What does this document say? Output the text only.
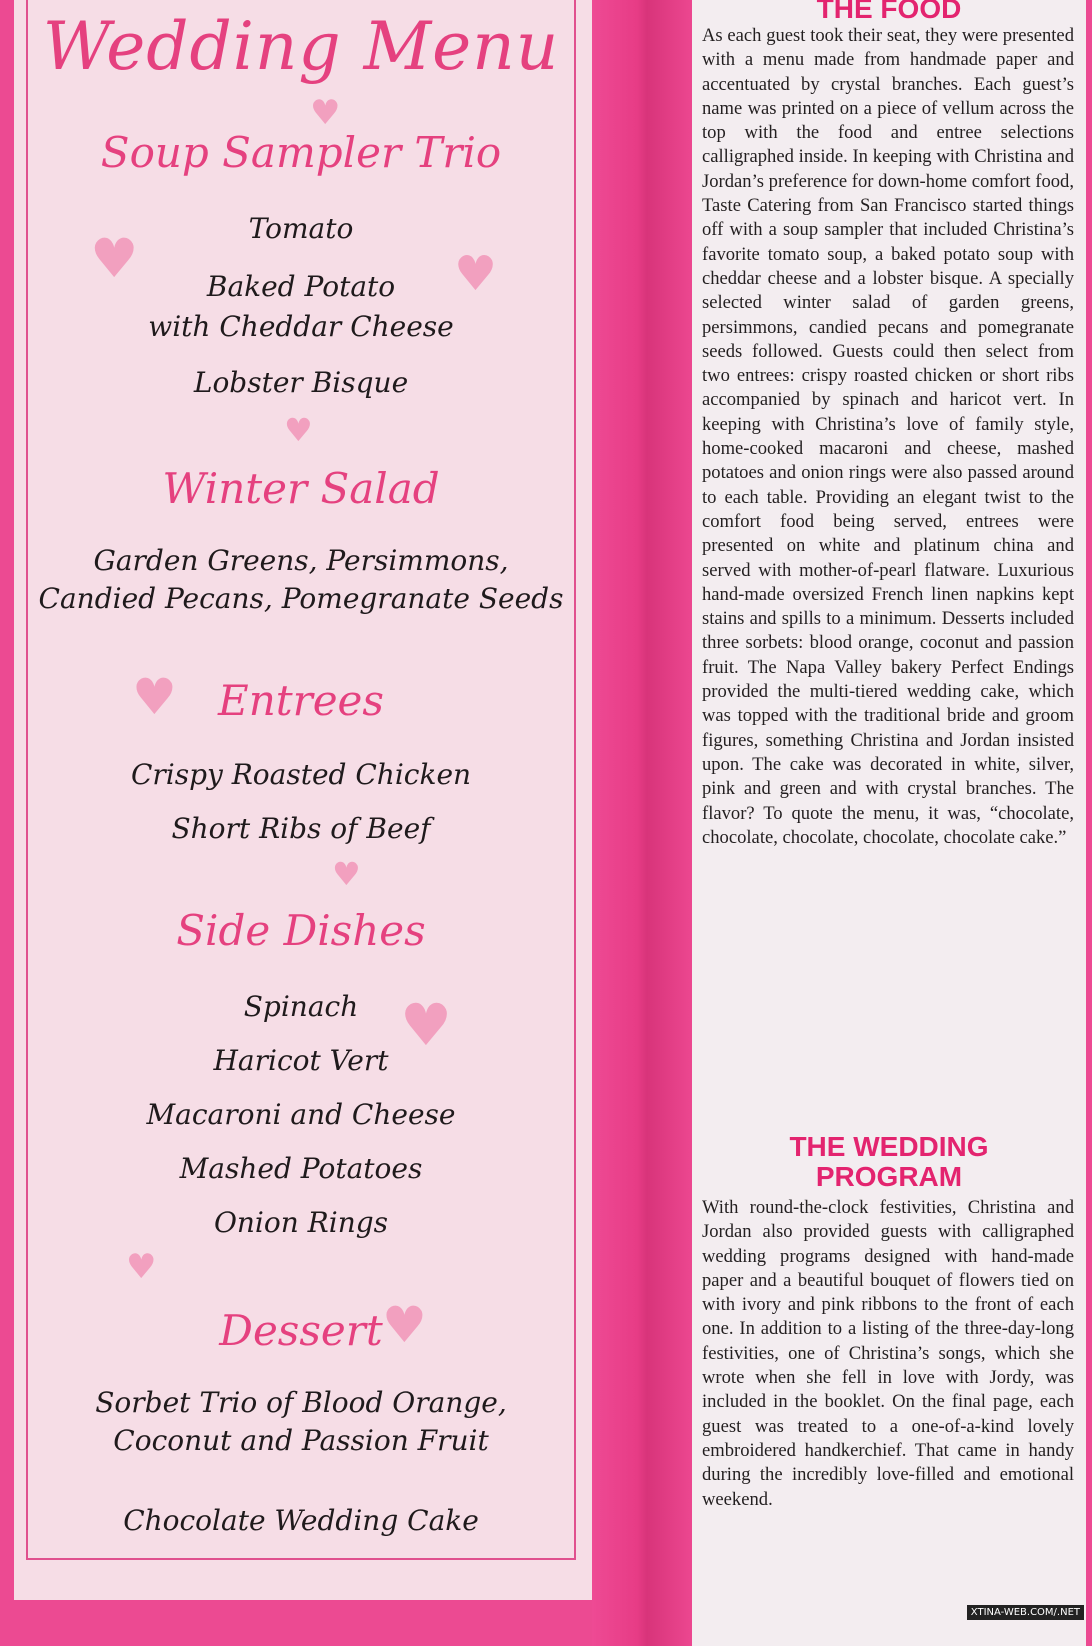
Wedding Menu
Soup Sampler Trio
Tomato
Baked Potato
with Cheddar Cheese
Lobster Bisque
Winter Salad
Garden Greens, Persimmons,
Candied Pecans, Pomegranate Seeds
Entrees
Crispy Roasted Chicken
Short Ribs of Beef
Side Dishes
Spinach
Haricot Vert
Macaroni and Cheese
Mashed Potatoes
Onion Rings
Dessert
Sorbet Trio of Blood Orange,
Coconut and Passion Fruit
Chocolate Wedding Cake
♥
♥	♥
♥
♥
♥
♥
♥
♥
THE FOOD
As each guest took their seat, they were presented with a menu made from handmade paper and accentuated by crystal branches. Each guest’s name was printed on a piece of vellum across the top with the food and entree selections calligraphed inside. In keeping with Christina and Jordan’s preference for down-home comfort food, Taste Catering from San Francisco started things off with a soup sampler that included Christina’s favorite tomato soup, a baked potato soup with cheddar cheese and a lobster bisque. A specially selected winter salad of garden greens, persimmons, candied pecans and pomegranate seeds followed. Guests could then select from two entrees: crispy roasted chicken or short ribs accompanied by spinach and haricot vert. In keeping with Christina’s love of family style, home-cooked macaroni and cheese, mashed potatoes and onion rings were also passed around to each table. Providing an elegant twist to the comfort food being served, entrees were presented on white and platinum china and served with mother-of-pearl flatware. Luxurious hand-made oversized French linen napkins kept stains and spills to a minimum. Desserts included three sorbets: blood orange, coconut and passion fruit. The Napa Valley bakery Perfect Endings provided the multi-tiered wedding cake, which was topped with the traditional bride and groom figures, something Christina and Jordan insisted upon. The cake was decorated in white, silver, pink and green and with crystal branches. The flavor? To quote the menu, it was, “chocolate, chocolate, chocolate, chocolate, chocolate cake.”
THE WEDDING
PROGRAM
With round-the-clock festivities, Christina and Jordan also provided guests with calligraphed wedding programs designed with hand-made paper and a beautiful bouquet of flowers tied on with ivory and pink ribbons to the front of each one. In addition to a listing of the three-day-long festivities, one of Christina’s songs, which she wrote when she fell in love with Jordy, was included in the booklet. On the final page, each guest was treated to a one-of-a-kind lovely embroidered handkerchief. That came in handy during the incredibly love-filled and emotional weekend.
XTINA-WEB.COM/.NET
